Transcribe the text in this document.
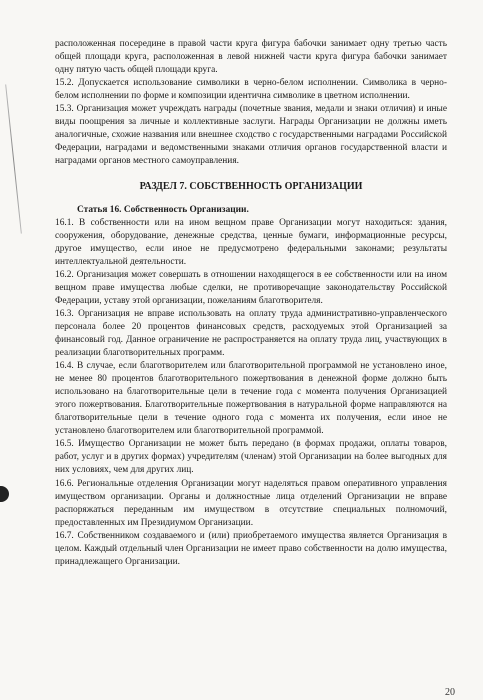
расположенная посередине в правой части круга фигура бабочки занимает одну третью часть общей площади круга, расположенная в левой нижней части круга фигура бабочки занимает одну пятую часть общей площади круга.

15.2. Допускается использование символики в черно-белом исполнении. Символика в черно-белом исполнении по форме и композиции идентична символике в цветном исполнении.

15.3. Организация может учреждать награды (почетные звания, медали и знаки отличия) и иные виды поощрения за личные и коллективные заслуги. Награды Организации не должны иметь аналогичные, схожие названия или внешнее сходство с государственными наградами Российской Федерации, наградами и ведомственными знаками отличия органов государственной власти и наградами органов местного самоуправления.

РАЗДЕЛ 7. СОБСТВЕННОСТЬ ОРГАНИЗАЦИИ

Статья 16. Собственность Организации.

16.1. В собственности или на ином вещном праве Организации могут находиться: здания, сооружения, оборудование, денежные средства, ценные бумаги, информационные ресурсы, другое имущество, если иное не предусмотрено федеральными законами; результаты интеллектуальной деятельности.

16.2. Организация может совершать в отношении находящегося в ее собственности или на ином вещном праве имущества любые сделки, не противоречащие законодательству Российской Федерации, уставу этой организации, пожеланиям благотворителя.

16.3. Организация не вправе использовать на оплату труда административно-управленческого персонала более 20 процентов финансовых средств, расходуемых этой Организацией за финансовый год. Данное ограничение не распространяется на оплату труда лиц, участвующих в реализации благотворительных программ.

16.4. В случае, если благотворителем или благотворительной программой не установлено иное, не менее 80 процентов благотворительного пожертвования в денежной форме должно быть использовано на благотворительные цели в течение года с момента получения Организацией этого пожертвования. Благотворительные пожертвования в натуральной форме направляются на благотворительные цели в течение одного года с момента их получения, если иное не установлено благотворителем или благотворительной программой.

16.5. Имущество Организации не может быть передано (в формах продажи, оплаты товаров, работ, услуг и в других формах) учредителям (членам) этой Организации на более выгодных для них условиях, чем для других лиц.

16.6. Региональные отделения Организации могут наделяться правом оперативного управления имуществом организации. Органы и должностные лица отделений Организации не вправе распоряжаться переданным им имуществом в отсутствие специальных полномочий, предоставленных им Президиумом Организации.

16.7. Собственником создаваемого и (или) приобретаемого имущества является Организация в целом. Каждый отдельный член Организации не имеет право собственности на долю имущества, принадлежащего Организации.

20
